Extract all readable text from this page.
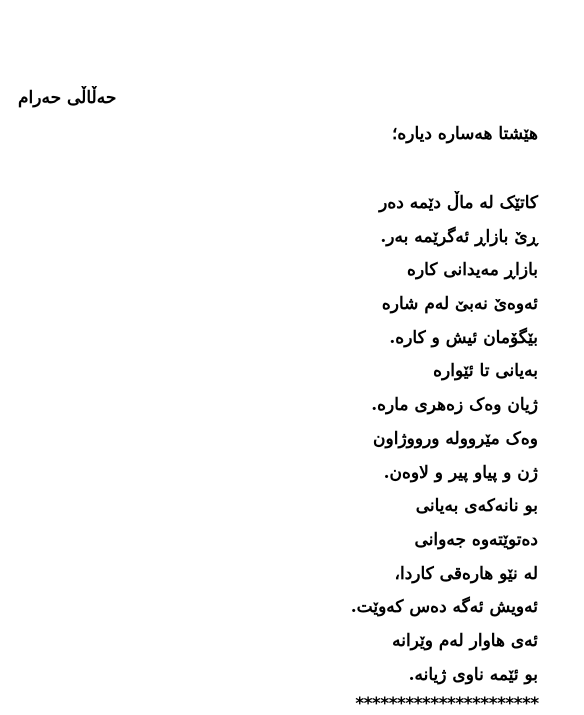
حەڵاڵی حەرام
هێشتا هەسارە دیارە؛
کاتێک لە ماڵ دێمە دەر
ڕێ بازاڕ ئەگرێمە بەر.
بازاڕ مەیدانی کارە
ئەوەێ نەبێ لەم شارە
بێگۆمان ئیش و کارە.
بەیانی تا ئێوارە
ژیان وەک زەهری مارە.
وەک مێروولە ورووژاون
ژن و پیاو پیر و لاوەن.
بو نانەکەی بەیانی
دەتوێتەوە جەوانی
لە نێو هارەقی کاردا،
ئەویش ئەگە دەس کەوێت.
ئەی هاوار لەم وێرانە
بو ئێمە ناوی ژیانە.
**********************
